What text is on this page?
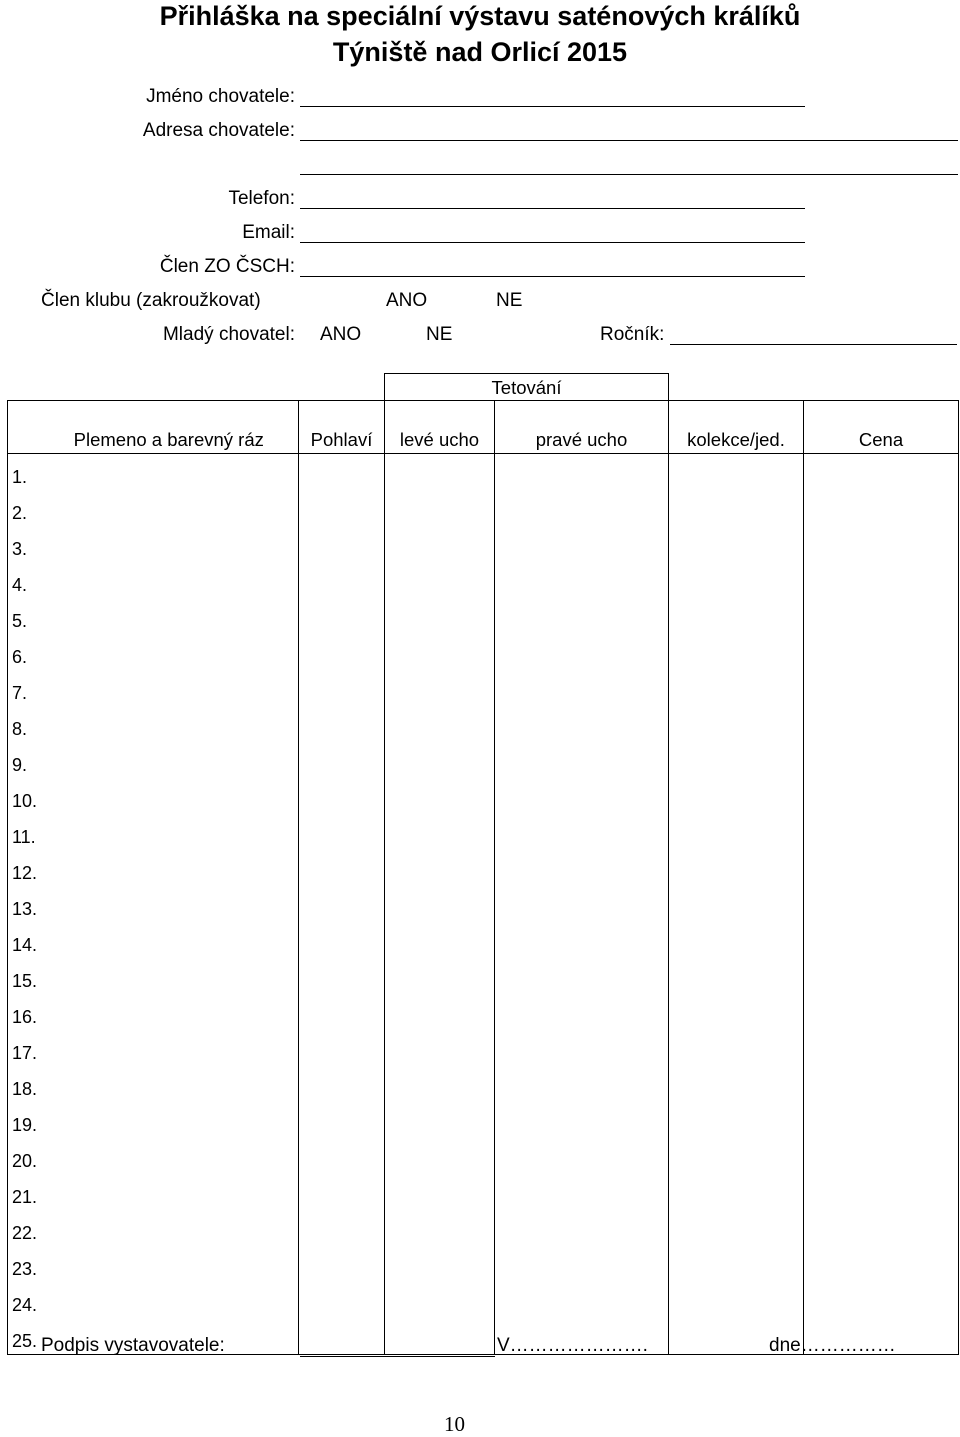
Přihláška na speciální výstavu saténových králíků
Týniště nad Orlicí 2015
Jméno chovatele:
Adresa chovatele:
Telefon:
Email:
Člen ZO ČSCH:
Člen klubu (zakroužkovat)	ANO	NE
Mladý chovatel: ANO	NE	Ročník:
Tetování
	Plemeno a barevný ráz	Pohlaví	levé ucho	pravé ucho	kolekce/jed.	Cena
1.						
2.						
3.						
4.						
5.						
6.						
7.						
8.						
9.						
10.						
11.						
12.						
13.						
14.						
15.						
16.						
17.						
18.						
19.						
20.						
21.						
22.						
23.						
24.						
25.						Podpis vystavovatele:	V………………….	dne……………
10
